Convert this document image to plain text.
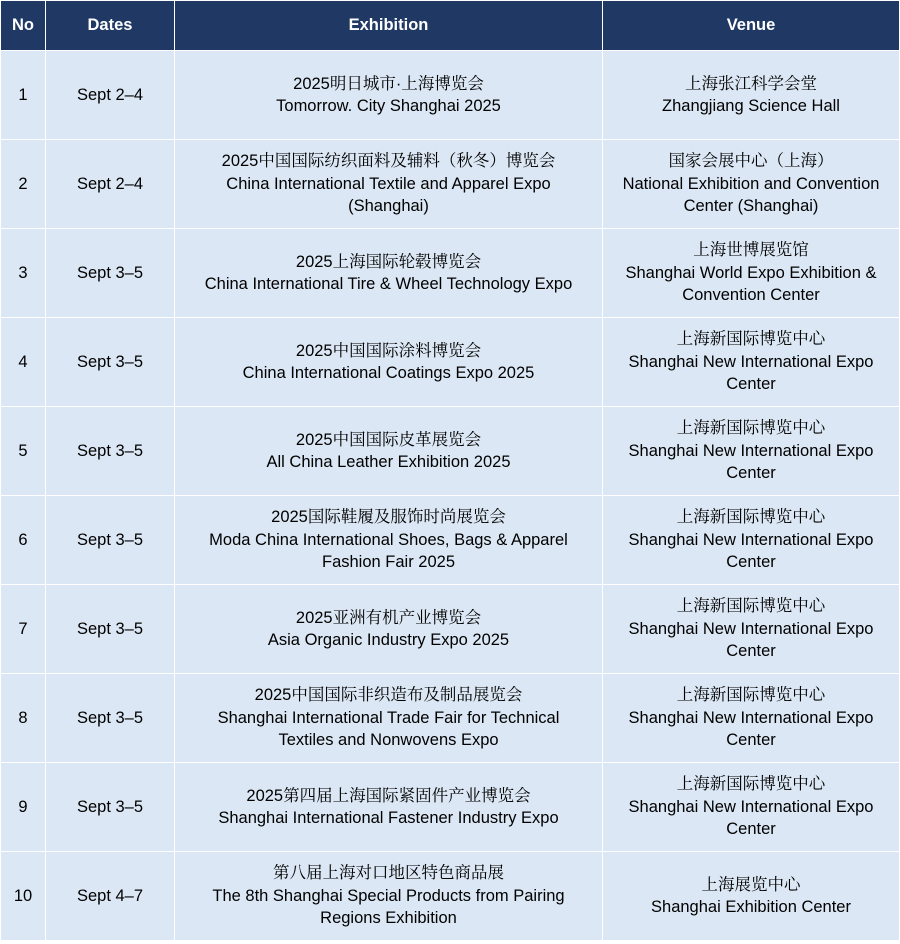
No	Dates	Exhibition	Venue
1	Sept 2–4	2025明日城市·上海博览会
Tomorrow. City Shanghai 2025	上海张江科学会堂
Zhangjiang Science Hall

2	Sept 2–4	2025中国国际纺织面料及辅料（秋冬）博览会
China International Textile and Apparel Expo
(Shanghai)	国家会展中心（上海）
National Exhibition and Convention
Center (Shanghai)

3	Sept 3–5	2025上海国际轮毂博览会
China International Tire & Wheel Technology Expo	上海世博展览馆
Shanghai World Expo Exhibition &
Convention Center

4	Sept 3–5	2025中国国际涂料博览会
China International Coatings Expo 2025	上海新国际博览中心
Shanghai New International Expo
Center

5	Sept 3–5	2025中国国际皮革展览会
All China Leather Exhibition 2025	上海新国际博览中心
Shanghai New International Expo
Center

6	Sept 3–5	2025国际鞋履及服饰时尚展览会
Moda China International Shoes, Bags & Apparel
Fashion Fair 2025	上海新国际博览中心
Shanghai New International Expo
Center

7	Sept 3–5	2025亚洲有机产业博览会
Asia Organic Industry Expo 2025	上海新国际博览中心
Shanghai New International Expo
Center

8	Sept 3–5	2025中国国际非织造布及制品展览会
Shanghai International Trade Fair for Technical
Textiles and Nonwovens Expo	上海新国际博览中心
Shanghai New International Expo
Center

9	Sept 3–5	2025第四届上海国际紧固件产业博览会
Shanghai International Fastener Industry Expo	上海新国际博览中心
Shanghai New International Expo
Center

10	Sept 4–7	第八届上海对口地区特色商品展
The 8th Shanghai Special Products from Pairing
Regions Exhibition	上海展览中心
Shanghai Exhibition Center
